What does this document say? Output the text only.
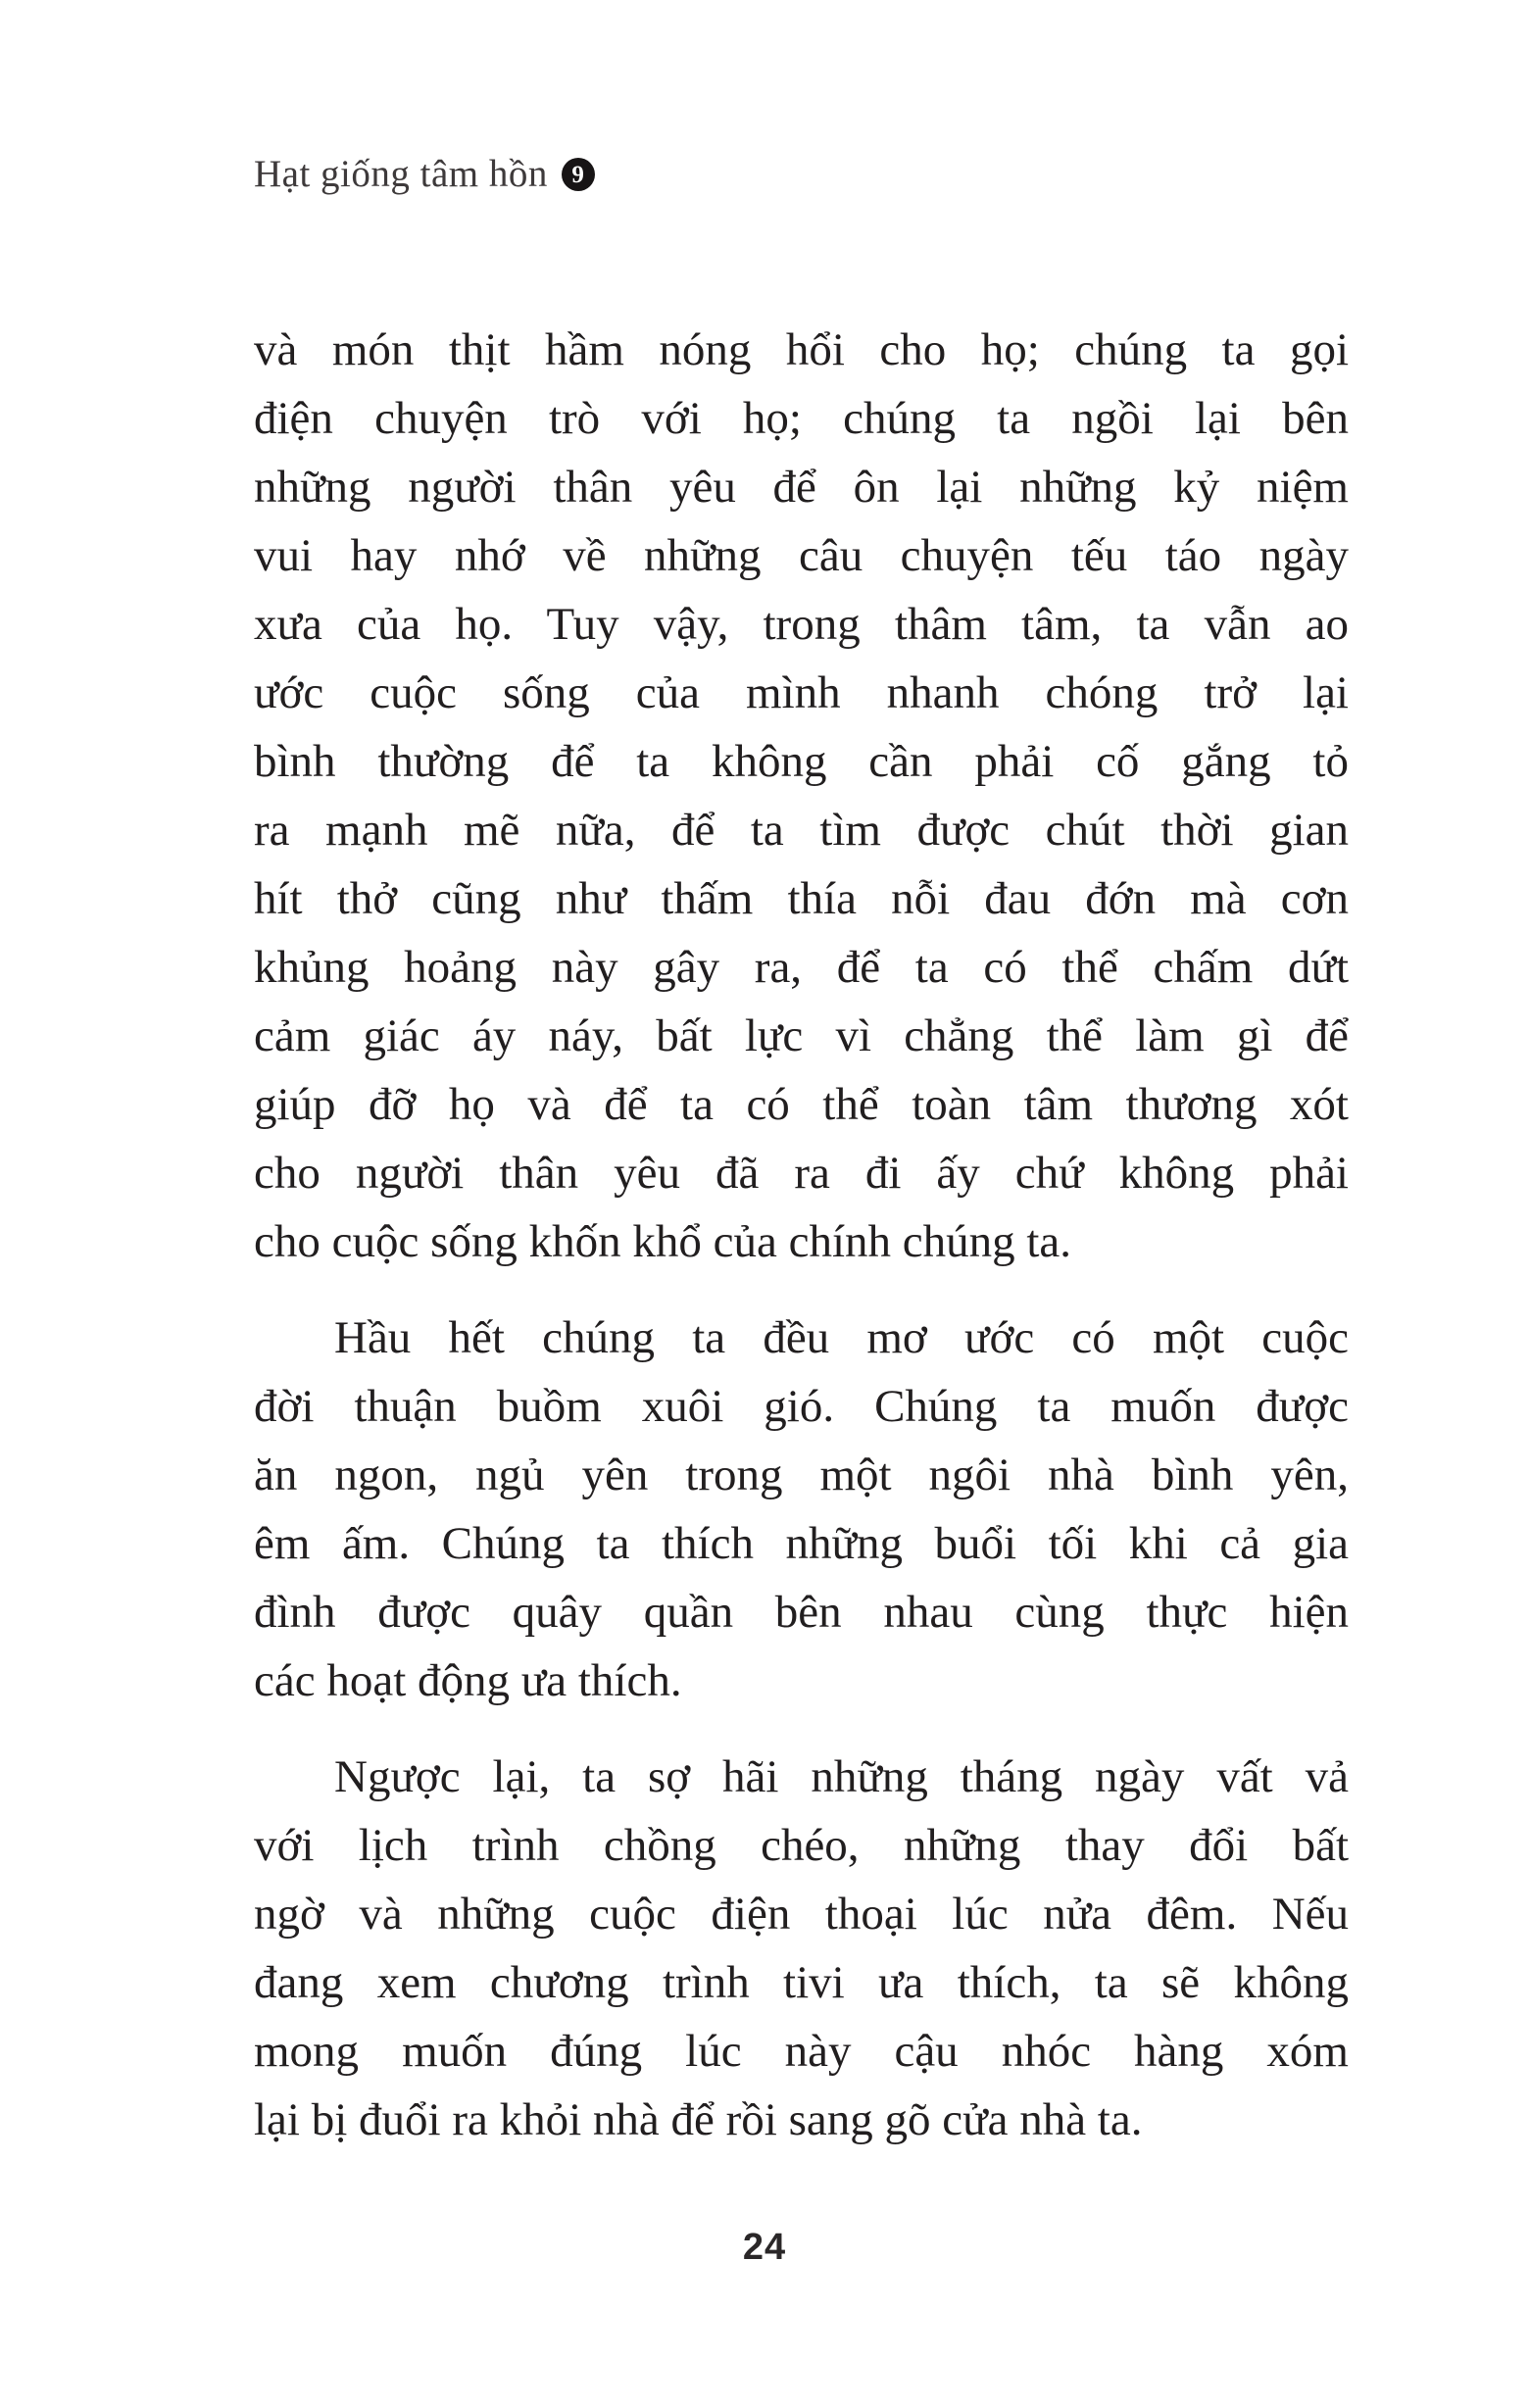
Hạt giống tâm hồn 9
và món thịt hầm nóng hổi cho họ; chúng ta gọi
điện chuyện trò với họ; chúng ta ngồi lại bên
những người thân yêu để ôn lại những kỷ niệm
vui hay nhớ về những câu chuyện tếu táo ngày
xưa của họ. Tuy vậy, trong thâm tâm, ta vẫn ao
ước cuộc sống của mình nhanh chóng trở lại
bình thường để ta không cần phải cố gắng tỏ
ra mạnh mẽ nữa, để ta tìm được chút thời gian
hít thở cũng như thấm thía nỗi đau đớn mà cơn
khủng hoảng này gây ra, để ta có thể chấm dứt
cảm giác áy náy, bất lực vì chẳng thể làm gì để
giúp đỡ họ và để ta có thể toàn tâm thương xót
cho người thân yêu đã ra đi ấy chứ không phải
cho cuộc sống khốn khổ của chính chúng ta.
Hầu hết chúng ta đều mơ ước có một cuộc
đời thuận buồm xuôi gió. Chúng ta muốn được
ăn ngon, ngủ yên trong một ngôi nhà bình yên,
êm ấm. Chúng ta thích những buổi tối khi cả gia
đình được quây quần bên nhau cùng thực hiện
các hoạt động ưa thích.
Ngược lại, ta sợ hãi những tháng ngày vất vả
với lịch trình chồng chéo, những thay đổi bất
ngờ và những cuộc điện thoại lúc nửa đêm. Nếu
đang xem chương trình tivi ưa thích, ta sẽ không
mong muốn đúng lúc này cậu nhóc hàng xóm
lại bị đuổi ra khỏi nhà để rồi sang gõ cửa nhà ta.
24
